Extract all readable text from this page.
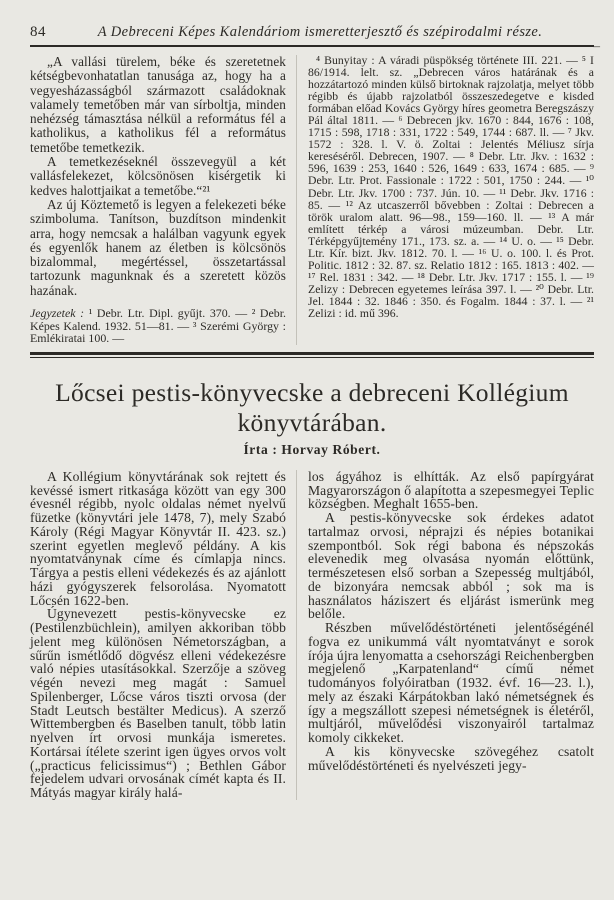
84	A Debreceni Képes Kalendáriom ismeretterjesztő és szépirodalmi része.
–

„A vallási türelem, béke és szeretetnek kétségbevonhatatlan tanusága az, hogy ha a vegyesházasságból származott családoknak valamely temetőben már van sírboltja, minden nehézség támasztása nélkül a református fél a katholikus, a katholikus fél a református temetőbe temetkezik.

A temetkezéseknél összevegyül a két vallásfelekezet, kölcsönösen kisérgetik ki kedves halottjaikat a temetőbe.“²¹

Az új Köztemető is legyen a felekezeti béke szimboluma. Tanítson, buzdítson mindenkit arra, hogy nemcsak a halálban vagyunk egyek és egyenlők hanem az életben is kölcsönös bizalommal, megértéssel, összetartással tartozunk magunknak és a szeretett közös hazának.

Jegyzetek : ¹ Debr. Ltr. Dipl. gyűjt. 370. — ² Debr. Képes Kalend. 1932. 51—81. — ³ Szerémi György : Emlékiratai 100. —

⁴ Bunyitay : A váradi püspökség története III. 221. — ⁵ I 86/1914. lelt. sz. „Debrecen város határának és a hozzátartozó minden külső birtoknak rajzolatja, melyet több régibb és újabb rajzolatból összeszedegetve e kisded formában előad Kovács György híres geometra Beregszászy Pál által 1811. — ⁶ Debrecen jkv. 1670 : 844, 1676 : 108, 1715 : 598, 1718 : 331, 1722 : 549, 1744 : 687. ll. — ⁷ Jkv. 1572 : 328. l. V. ö. Zoltai : Jelentés Méliusz sírja kereséséről. Debrecen, 1907. — ⁸ Debr. Ltr. Jkv. : 1632 : 596, 1639 : 253, 1640 : 526, 1649 : 633, 1674 : 685. — ⁹ Debr. Ltr. Prot. Fassionale : 1722 : 501, 1750 : 244. — ¹⁰ Debr. Ltr. Jkv. 1700 : 737. Jún. 10. — ¹¹ Debr. Jkv. 1716 : 85. — ¹² Az utcaszerről bővebben : Zoltai : Debrecen a török uralom alatt. 96—98., 159—160. ll. — ¹³ A már említett térkép a városi múzeumban. Debr. Ltr. Térképgyűjtemény 171., 173. sz. a. — ¹⁴ U. o. — ¹⁵ Debr. Ltr. Kír. bizt. Jkv. 1812. 70. l. — ¹⁶ U. o. 100. l. és Prot. Politic. 1812 : 32. 87. sz. Relatio 1812 : 165. 1813 : 402. — ¹⁷ Rel. 1831 : 342. — ¹⁸ Debr. Ltr. Jkv. 1717 : 155. l. — ¹⁹ Zelizy : Debrecen egyetemes leírása 397. l. — ²⁰ Debr. Ltr. Jel. 1844 : 32. 1846 : 350. és Fogalm. 1844 : 37. l. — ²¹ Zelizi : id. mű 396.

Lőcsei pestis-könyvecske a debreceni Kollégium
könyvtárában.
Írta : Horvay Róbert.

A Kollégium könyvtárának sok rejtett és kevéssé ismert ritkasága között van egy 300 évesnél régibb, nyolc oldalas német nyelvű füzetke (könyvtári jele 1478, 7), mely Szabó Károly (Régi Magyar Könyvtár II. 423. sz.) szerint egyetlen meglevő példány. A kis nyomtatványnak címe és címlapja nincs. Tárgya a pestis elleni védekezés és az ajánlott házi gyógyszerek felsorolása. Nyomatott Lőcsén 1622-ben.

Úgynevezett pestis-könyvecske ez (Pestilenzbüchlein), amilyen akkoriban több jelent meg különösen Németországban, a sűrűn ismétlődő dögvész elleni védekezésre való népies utasításokkal. Szerzője a szöveg végén nevezi meg magát : Samuel Spilenberger, Lőcse város tiszti orvosa (der Stadt Leutsch bestälter Medicus). A szerző Wittembergben és Baselben tanult, több latin nyelven írt orvosi munkája ismeretes. Kortársai ítélete szerint igen ügyes orvos volt („practicus felicissimus“) ; Bethlen Gábor fejedelem udvari orvosának címét kapta és II. Mátyás magyar király halá-

los ágyához is elhítták. Az első papírgyárat Magyarországon ő alapította a szepesmegyei Teplic községben. Meghalt 1655-ben.

A pestis-könyvecske sok érdekes adatot tartalmaz orvosi, néprajzi és népies botanikai szempontból. Sok régi babona és népszokás elevenedik meg olvasása nyomán előttünk, természetesen első sorban a Szepesség multjából, de bizonyára nemcsak abból ; sok ma is használatos háziszert és eljárást ismerünk meg belőle.

Részben művelődéstörténeti jelentőségénél fogva ez unikummá vált nyomtatványt e sorok írója újra lenyomatta a csehországi Reichenbergben megjelenő „Karpatenland“ című német tudományos folyóiratban (1932. évf. 16—23. l.), mely az északi Kárpátokban lakó németségnek és így a megszállott szepesi németségnek is életéről, multjáról, művelődési viszonyairól tartalmaz komoly cikkeket.

A kis könyvecske szövegéhez csatolt művelődéstörténeti és nyelvészeti jegy-
